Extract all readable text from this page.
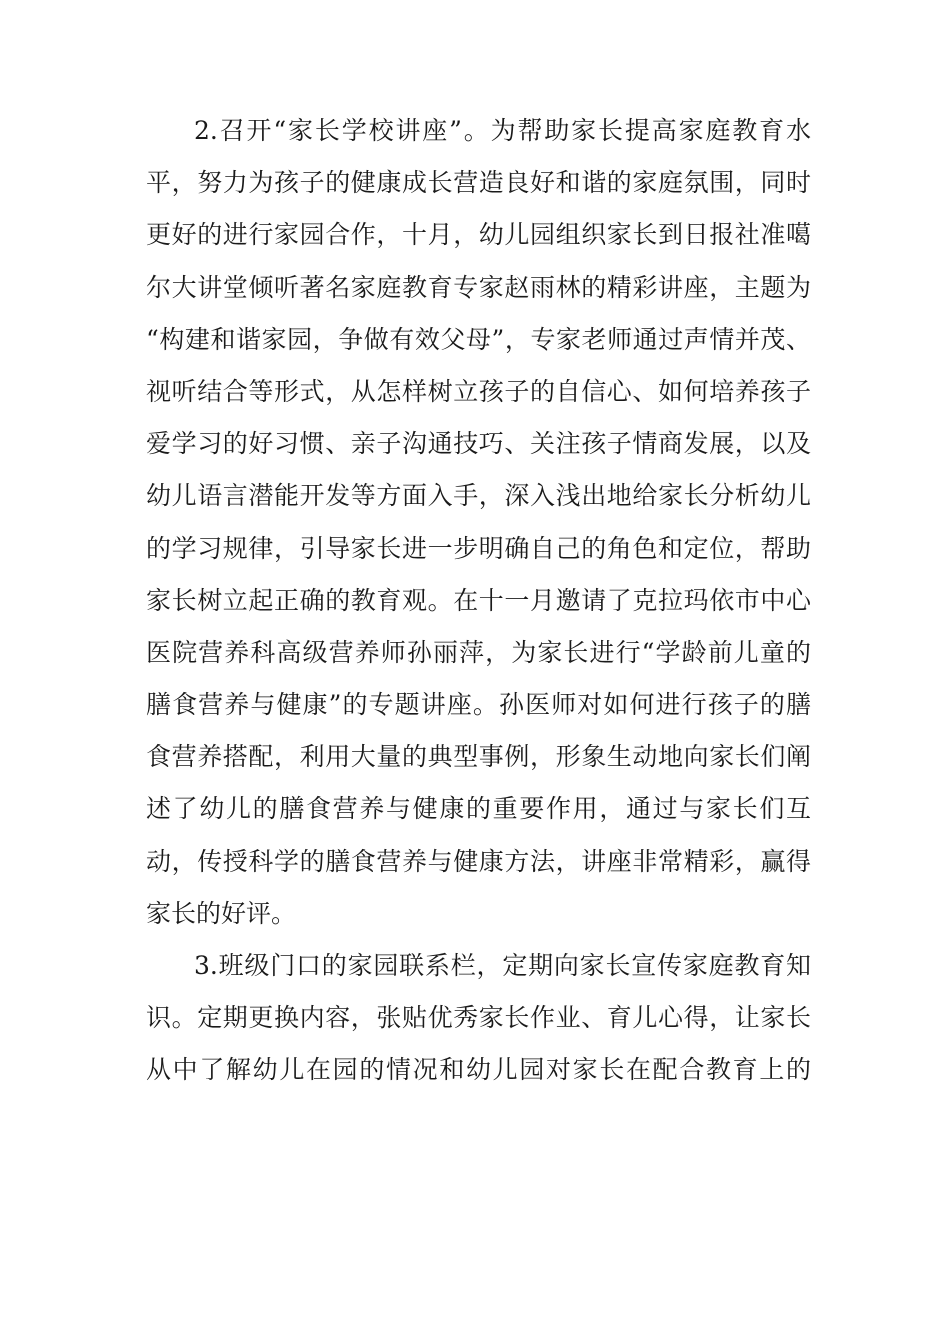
2.召开“家长学校讲座”。为帮助家长提高家庭教育水
平，努力为孩子的健康成长营造良好和谐的家庭氛围，同时
更好的进行家园合作，十月，幼儿园组织家长到日报社准噶
尔大讲堂倾听著名家庭教育专家赵雨林的精彩讲座，主题为
“构建和谐家园，争做有效父母”，专家老师通过声情并茂、
视听结合等形式，从怎样树立孩子的自信心、如何培养孩子
爱学习的好习惯、亲子沟通技巧、关注孩子情商发展，以及
幼儿语言潜能开发等方面入手，深入浅出地给家长分析幼儿
的学习规律，引导家长进一步明确自己的角色和定位，帮助
家长树立起正确的教育观。在十一月邀请了克拉玛依市中心
医院营养科高级营养师孙丽萍，为家长进行“学龄前儿童的
膳食营养与健康”的专题讲座。孙医师对如何进行孩子的膳
食营养搭配，利用大量的典型事例，形象生动地向家长们阐
述了幼儿的膳食营养与健康的重要作用，通过与家长们互
动，传授科学的膳食营养与健康方法，讲座非常精彩，赢得
家长的好评。
3.班级门口的家园联系栏，定期向家长宣传家庭教育知
识。定期更换内容，张贴优秀家长作业、育儿心得，让家长
从中了解幼儿在园的情况和幼儿园对家长在配合教育上的
